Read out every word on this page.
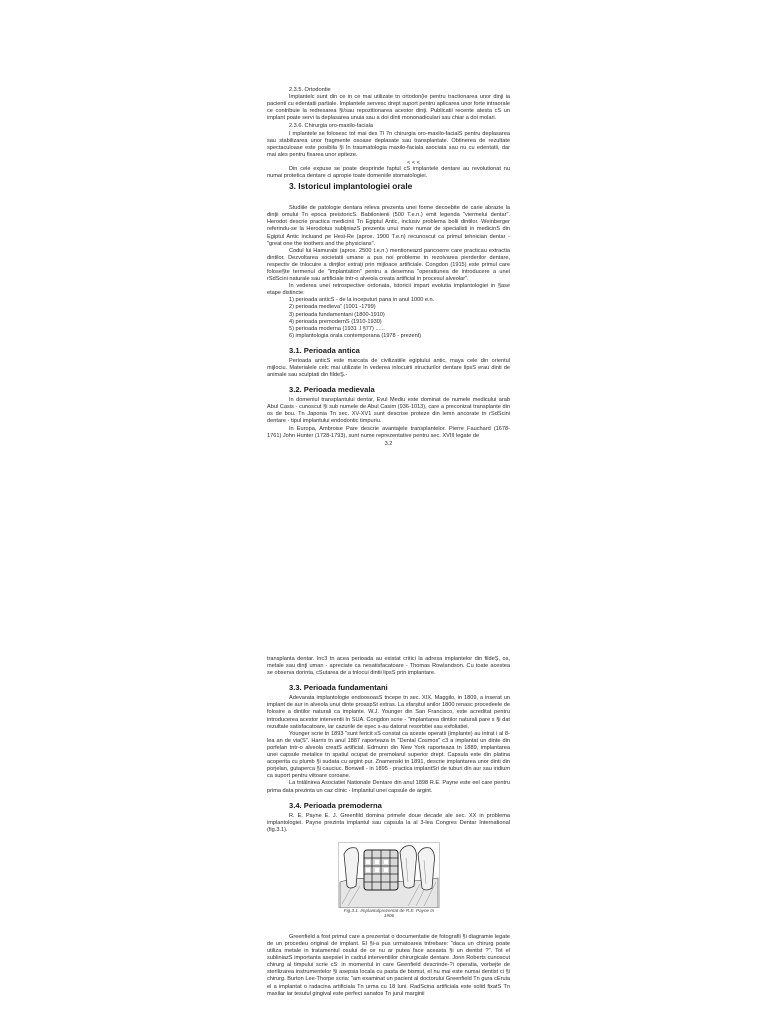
2.3.5. Ortodontie

Implantelc sunt din ce in ce mai utilizate tn ortodon(ie pentru tractionarea unor dinji ia pacienti cu edentatii partiale. Implantele servesc drept suport pentru aplicarea unor forte intraorale ce contribuie la redresarea §i/sau repozitionarea acestor dinţi. Publicatii recente atesta cS un implant poate servi la deplasarea unuia sau a doi dinti mononadiculari sau chiar a doi molari.

2.3.6. Chirurgia oro-maxilo-faciala

I mplantele se folosesc tot mai des Tl 7n chirurgia oro-maxilo-facialS pentru deplasarea sau stabilizarea unor fragmente osoase deplasate sau transplantate. Obtinerea de rezultate spectaculoase este posibila §i In traumatologia maxilo-faciala asociata sau nu cu edentatii, dar mai ales pentru fixarea unor epiteze.

< < <

Din cele expuse se poate desprinde faptul cS implantele dentare au revolutionat nu numai protetica dentare ci apropie toate domeniile stomatologiei.

3. Istoricul implantologiei orale

Studiile de patologie dentara releva prezenta unei forme decoebite de carie abrazie la dinţii omului Tn epoca preistoricS. Babilonienii (500 T.e.n.) emit legenda "viermelui dentar". Herodot descrie practica medicinii Tn Egiptul Antic, inclusiv problema bolii dintilor. Weinberger referindu-se la Herodotus subljniazS prezenta unui mare numar de specialisti in medicinS din Egiptul Antic incluand pe Hesi-Re (aprox. 1900 T.e.n) recunoscut ca primul tehnician dentar - "great one the toothers and the physicians".

Codul lui Hamurabi (aprox. 2500 t.e.n.) mentioneazd pancoerre care practicau extractia dintilor. Dezvoltarea societatii umane a pus noi probleme tn rezolvarea pierderilor dentare, respectiv de tnlocuire a dinţilor extraţi prin mijloace artificiale. Congdon (1915) este primul care folose§te termenul de "implantation" pentru a desemna "operatiunea de introducere a unei rSdScini naturale sau artificiale tntr-o alveola creata artificial in procesul alveolar".

In vederea unei retrospective ordonata, istoricii impart evolutia implantologiei in §ase etape distincte:

1) perioada anticS - de la inceputuri pana in anul 1000 e.n.
2) perioada medieva" (1001 -1799)
3) perioada fundamentani (1800-1910)
4) perioada premodernS (1910-1930)
5) perioada moderna (1931 .l §77) ......
6) implantologia orala contemporana (1978 - prezent)
3.1. Perioada antica

Perioada anticS este marcata de civilizatiile egiptului antic, maya cele din orientul mijlociu. Materialele celc mai utilizate In vederea inlocuirii structurilor dentare lipsS erau dinti de animale sau sculptati din fildeŞ.-

3.2. Perioada medievala

In domeniul transplantului dentar, Evul Mediu este dominat de numele medicului arab Abul Casis - cunoscut §i sub numele de Abul Casim (936-1013), care a preconizat transplante din os de bou. Tn Japonia Tn sec. XV-XV1 sunt descrise proteze din lemn ancorate tn rSdScini dentare - tipul implantului endodontic timpuriu.

In Europa, Ambroise Pare descrie avantajele transplantelor. Pierre Fauchard (1678-1761) John Hunter (1728-1793), sunt nume reprezentative pentru sec. XVIII legate de

3.2

transplanta dentar. Inc3 tn acea perioada au existat critici la adresa implantelor din fildeŞ, os, metale sau dinţi uman - apreciate ca nesatisfacatoare - Thomas Rowlandson. Cu toate acestea se observa dorinta, cSutarea de a tnlocui dintii lipsS prin implantare.

3.3. Perioada fundamentani

Adevarata implantologie endoosoasS tncepe tn sec. XIX. Maggilo, in 1809, a inserat un implant de aur in alveola unui dinte proaspSt extras. La sfarşitul anilor 1800 renasc procedeele de folosire a dintilor naturali ca implante. W.J. Younger din San Francisco, este acreditat pentru introducerea acestor interventii In SUA. Congdon scrie - "implantarea dintilor naturali pare s §i dat rezultate satisfacatoare, iar cazurile de eşec s-au datorat resorbtiei sau exfoliatiei.

Younger scrie tn 1893 "sunt fericit sS constat ca aceste operatii (implante) au intrat i al 8-lea an de via(S". Harris tn anul 1887 raporteaza tn "Dental Cosmos" c3 a implantat un dinte din porfelan tntr-o alveola creatS artificial. Edmunn din New York raporteaza tn 1889, implantarea unei capsule metalice tn spatiul ocupat de premolarul superior drept. Capsula este din platina acoperita cu plumb §i sudata cu argint pur. Znamenski tn 1891, descrie implantarea unor dinti din porjelan, gutaperca §i cauciuc. Bonwell - in 1895 - practica implantSri de tuburi din aur sau iridium ca suport pentru viitoare coroane.

La tntâlnirea Asociatiei Nationale Dentare din anul 1898 R.E. Payne este eel care pentru prima data prezinta un caz clinic - Implantul unei capsule de argint.

3.4. Perioada premoderna

R. E. Payne E. J. Greenfild domina primele doue decade ale sec. XX in problema implantologiei. Payne prezinta implantul sau capsula la al 3-lea Congres Dentar International (fig.3.1).

Fig.3.1. Implantulprezentat de R.E. Payne tn
1906

Greenfield a fost primul care a prezentat o documentatie de fotografii §i diagramie legate de un procedeu original de implant. El §i-a pus urmatoarea tntrebare: "daca un chirurg poate utiliza metale in tratamentul osului de ce nu ar putea face aceasta §i un dentist ?". Tot el subliniazS importanta asepsiei in cadrul interventiilor chirurgicale dentare. Jonn Roberts cunoscut chirurg al timpului scrie cS: in momentul in care Geenfield descrinde-?i operatia, vorbejte de sterilizarea instrumentelor §i asepsia locala cu pasta de bismut, el nu mai este numai dentist ci §i chirurg. Burton Lee-Thorpe scria: "am examinat un pacient al doctorului Greenfield Tn gura cEruia el a implantat o radacina artificiala Tn urma cu 18 luni. RadScina artificiala este solid fixatS Tn maxilar iar tesutul gingival este perfect sanatos Tn jurul marginii
